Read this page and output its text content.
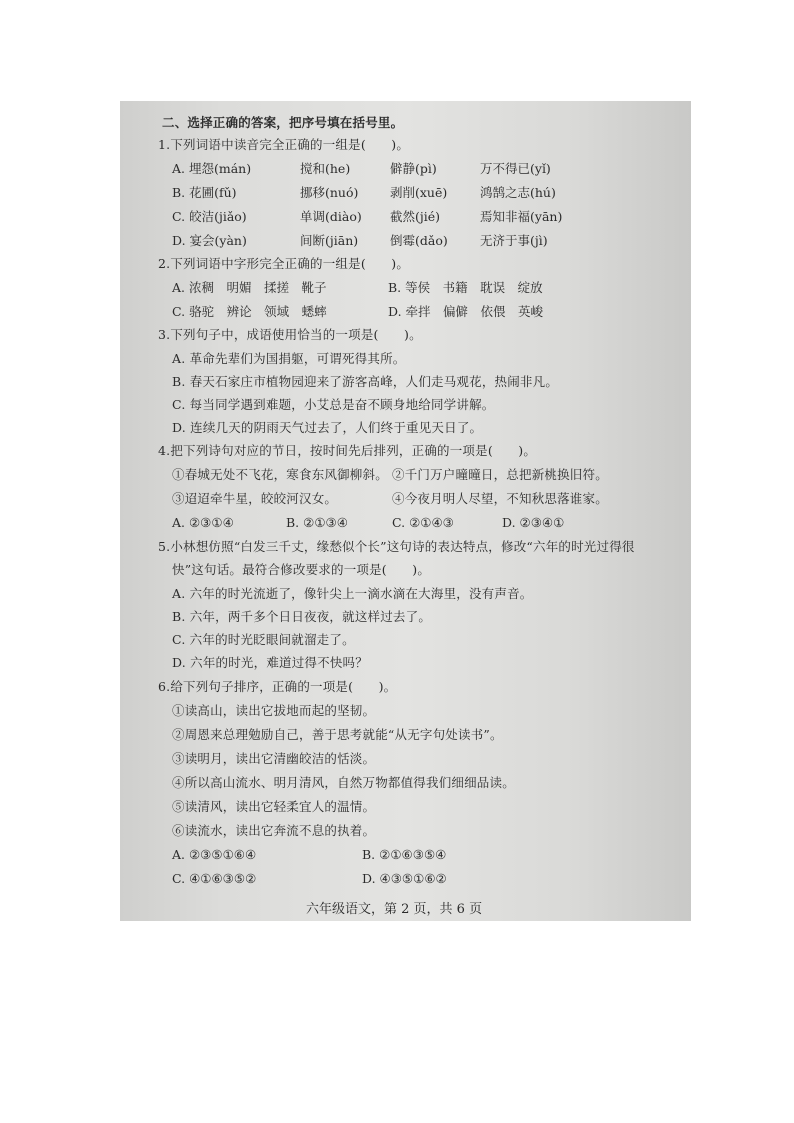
二、选择正确的答案，把序号填在括号里。
1.下列词语中读音完全正确的一组是(　　)。
A. 埋怨(mán)	搅和(he)	僻静(pì)	万不得已(yǐ)
B. 花圃(fǔ)	挪移(nuó)	剥削(xuē)	鸿鹄之志(hú)
C. 皎洁(jiǎo)	单调(diào) 截然(jié)	焉知非福(yān)
D. 宴会(yàn)	间断(jiān)	倒霉(dǎo)	无济于事(jì)
2.下列词语中字形完全正确的一组是(　　)。
A. 浓稠　明媚　揉搓　靴子	B. 等侯　书籍　耽误　绽放
C. 骆驼　辨论　领域　蟋蟀	D. 牵拌　偏僻　依偎　英峻
3.下列句子中，成语使用恰当的一项是(　　)。
A. 革命先辈们为国捐躯，可谓死得其所。
B. 春天石家庄市植物园迎来了游客高峰，人们走马观花，热闹非凡。
C. 每当同学遇到难题，小艾总是奋不顾身地给同学讲解。
D. 连续几天的阴雨天气过去了，人们终于重见天日了。
4.把下列诗句对应的节日，按时间先后排列，正确的一项是(　　)。
①春城无处不飞花，寒食东风御柳斜。 ②千门万户曈曈日，总把新桃换旧符。
③迢迢牵牛星，皎皎河汉女。	④今夜月明人尽望，不知秋思落谁家。
A. ②③①④	B. ②①③④	C. ②①④③	D. ②③④①
5.小林想仿照“白发三千丈，缘愁似个长”这句诗的表达特点，修改“六年的时光过得很
快”这句话。最符合修改要求的一项是(　　)。
A. 六年的时光流逝了，像针尖上一滴水滴在大海里，没有声音。
B. 六年，两千多个日日夜夜，就这样过去了。
C. 六年的时光眨眼间就溜走了。
D. 六年的时光，难道过得不快吗？
6.给下列句子排序，正确的一项是(　　)。
①读高山，读出它拔地而起的坚韧。
②周恩来总理勉励自己，善于思考就能“从无字句处读书”。
③读明月，读出它清幽皎洁的恬淡。
④所以高山流水、明月清风，自然万物都值得我们细细品读。
⑤读清风，读出它轻柔宜人的温情。
⑥读流水，读出它奔流不息的执着。
A. ②③⑤①⑥④	B. ②①⑥③⑤④
C. ④①⑥③⑤②	D. ④③⑤①⑥②
六年级语文，第 2 页，共 6 页
